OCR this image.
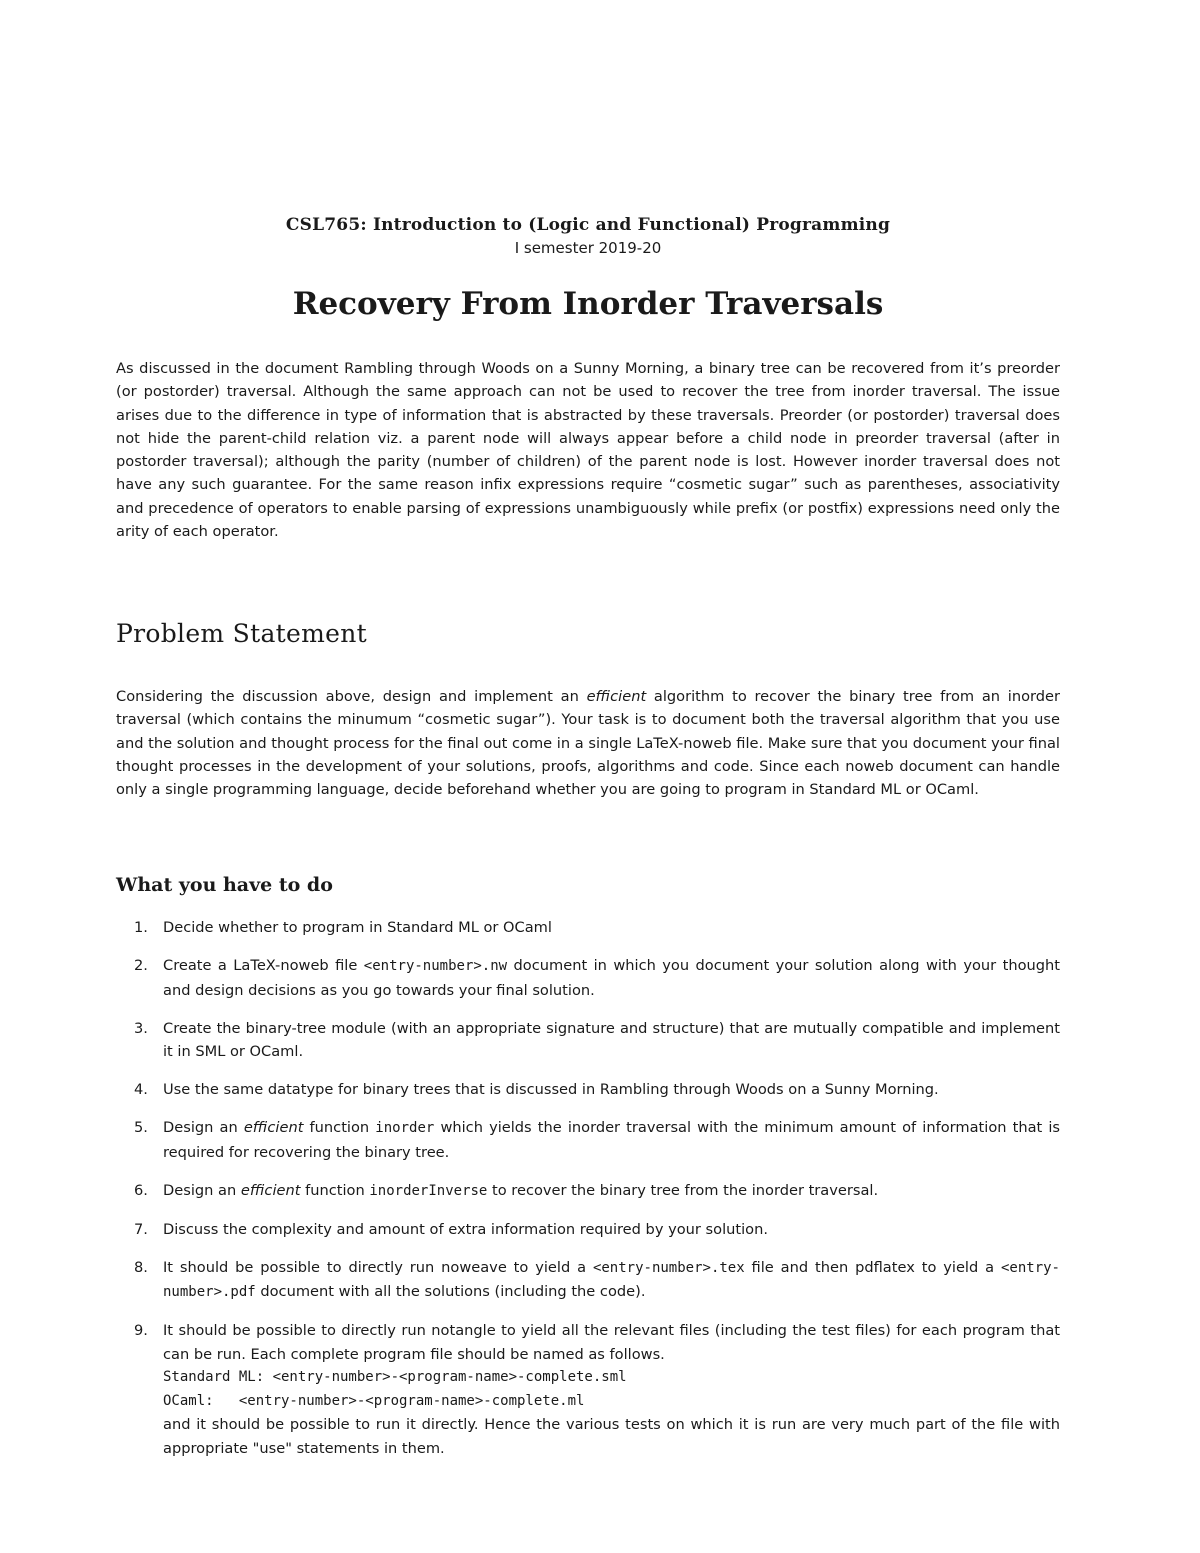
CSL765: Introduction to (Logic and Functional) Programming
I semester 2019-20
Recovery From Inorder Traversals

As discussed in the document Rambling through Woods on a Sunny Morning, a binary tree can be recovered from it’s preorder (or postorder) traversal. Although the same approach can not be used to recover the tree from inorder traversal. The issue arises due to the difference in type of information that is abstracted by these traversals. Preorder (or postorder) traversal does not hide the parent-child relation viz. a parent node will always appear before a child node in preorder traversal (after in postorder traversal); although the parity (number of children) of the parent node is lost. However inorder traversal does not have any such guarantee. For the same reason infix expressions require “cosmetic sugar” such as parentheses, associativity and precedence of operators to enable parsing of expressions unambiguously while prefix (or postfix) expressions need only the arity of each operator.

Problem Statement

Considering the discussion above, design and implement an efficient algorithm to recover the binary tree from an inorder traversal (which contains the minumum “cosmetic sugar”). Your task is to document both the traversal algorithm that you use and the solution and thought process for the final out come in a single LaTeX-noweb file. Make sure that you document your final thought processes in the development of your solutions, proofs, algorithms and code. Since each noweb document can handle only a single programming language, decide beforehand whether you are going to program in Standard ML or OCaml.

What you have to do
1. Decide whether to program in Standard ML or OCaml
2. Create a LaTeX-noweb file <entry-number>.nw document in which you document your solution along with your thought and design decisions as you go towards your final solution.
3. Create the binary-tree module (with an appropriate signature and structure) that are mutually compatible and implement it in SML or OCaml.
4. Use the same datatype for binary trees that is discussed in Rambling through Woods on a Sunny Morning.
5. Design an efficient function inorder which yields the inorder traversal with the minimum amount of information that is required for recovering the binary tree.
6. Design an efficient function inorderInverse to recover the binary tree from the inorder traversal.
7. Discuss the complexity and amount of extra information required by your solution.
8. It should be possible to directly run noweave to yield a <entry-number>.tex file and then pdflatex to yield a <entry-number>.pdf document with all the solutions (including the code).
9. It should be possible to directly run notangle to yield all the relevant files (including the test files) for each program that can be run. Each complete program file should be named as follows.
Standard ML: <entry-number>-<program-name>-complete.sml
OCaml:   <entry-number>-<program-name>-complete.ml
and it should be possible to run it directly. Hence the various tests on which it is run are very much part of the file with appropriate "use" statements in them.
